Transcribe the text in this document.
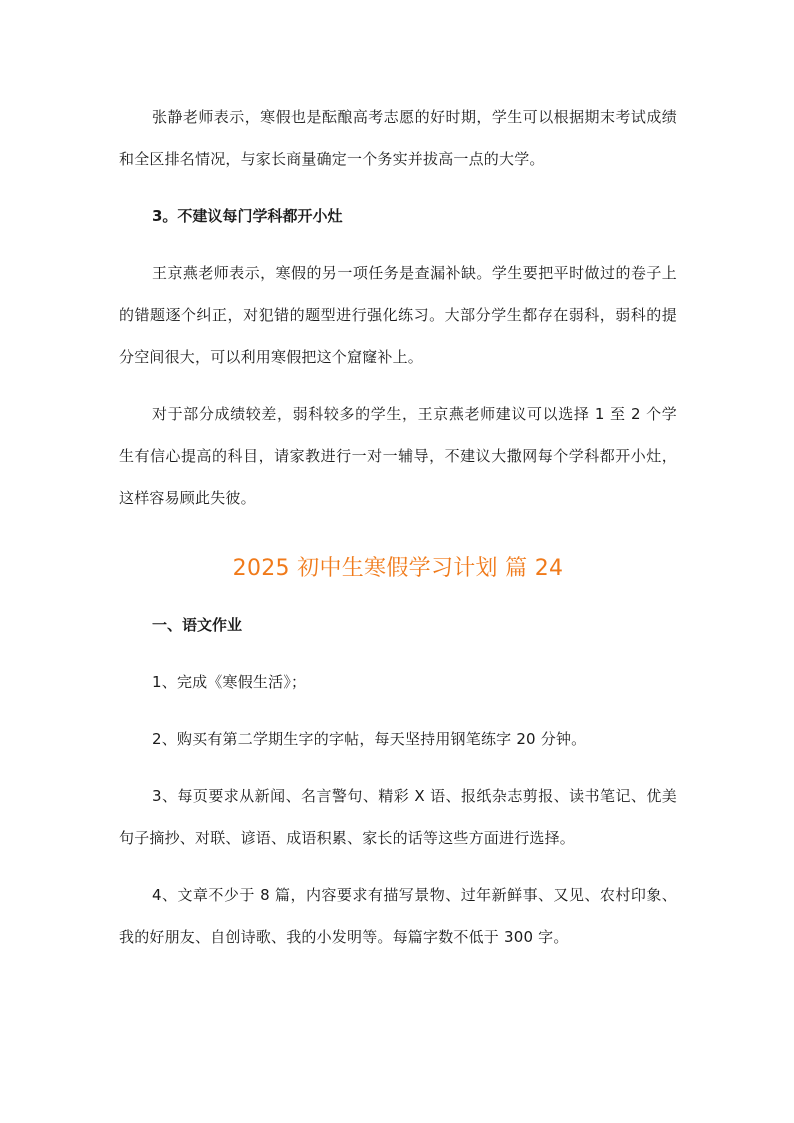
张静老师表示，寒假也是酝酿高考志愿的好时期，学生可以根据期末考试成绩和全区排名情况，与家长商量确定一个务实并拔高一点的大学。

3。不建议每门学科都开小灶

王京燕老师表示，寒假的另一项任务是查漏补缺。学生要把平时做过的卷子上的错题逐个纠正，对犯错的题型进行强化练习。大部分学生都存在弱科，弱科的提分空间很大，可以利用寒假把这个窟窿补上。

对于部分成绩较差，弱科较多的学生，王京燕老师建议可以选择 1 至 2 个学生有信心提高的科目，请家教进行一对一辅导，不建议大撒网每个学科都开小灶，这样容易顾此失彼。

2025 初中生寒假学习计划 篇 24

一、语文作业

1、完成《寒假生活》；

2、购买有第二学期生字的字帖，每天坚持用钢笔练字 20 分钟。

3、每页要求从新闻、名言警句、精彩 X 语、报纸杂志剪报、读书笔记、优美句子摘抄、对联、谚语、成语积累、家长的话等这些方面进行选择。

4、文章不少于 8 篇，内容要求有描写景物、过年新鲜事、又见、农村印象、我的好朋友、自创诗歌、我的小发明等。每篇字数不低于 300 字。
